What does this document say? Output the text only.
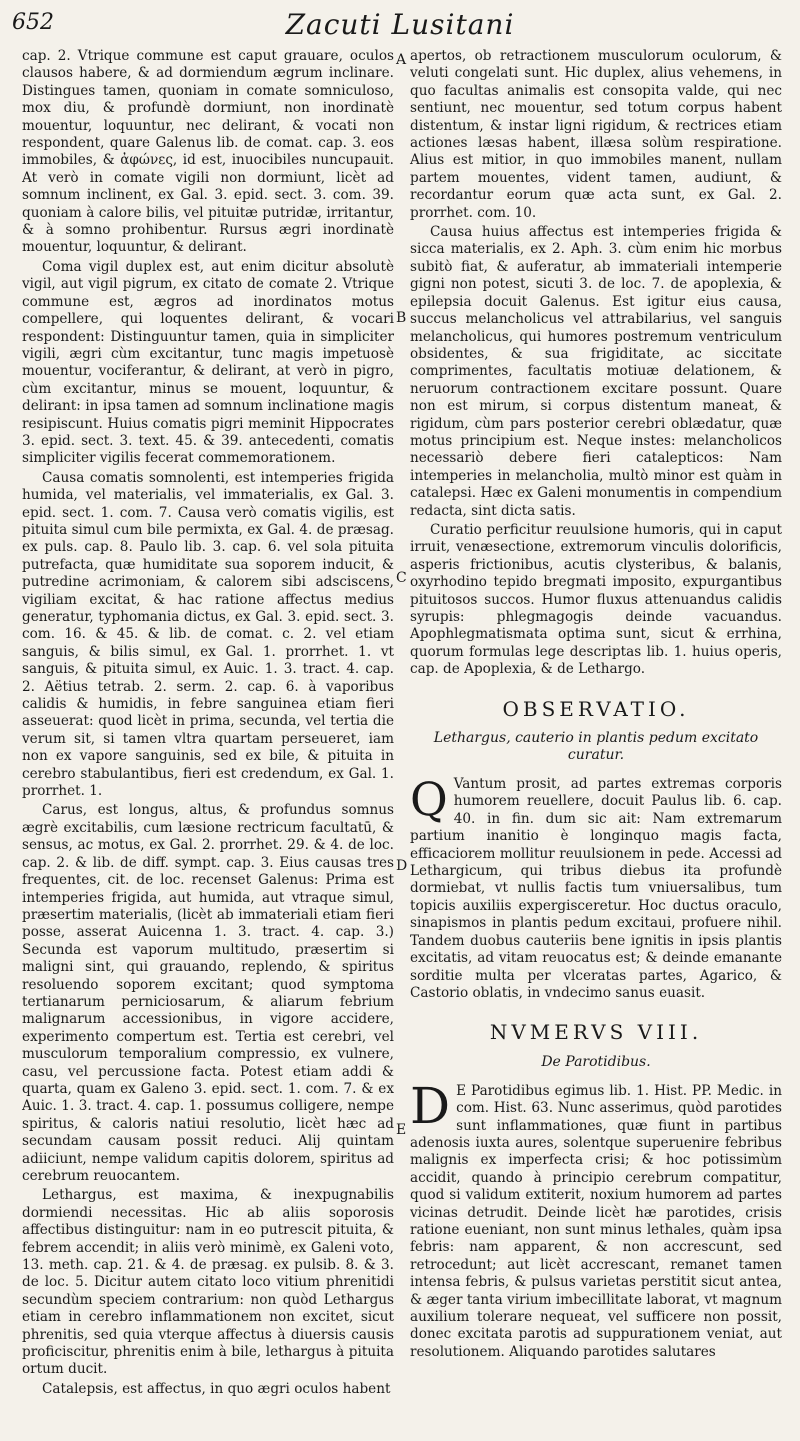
652	Zacuti Lusitani
A
B
C
D
E

cap. 2. Vtrique commune est caput grauare, oculos clausos habere, & ad dormiendum ægrum inclinare. Distingues tamen, quoniam in comate somniculoso, mox diu, & profundè dormiunt, non inordinatè mouentur, loquuntur, nec delirant, & vocati non respondent, quare Galenus lib. de comat. cap. 3. eos immobiles, & ἀφώνες, id est, inuocibiles nuncupauit. At verò in comate vigili non dormiunt, licèt ad somnum inclinent, ex Gal. 3. epid. sect. 3. com. 39. quoniam à calore bilis, vel pituitæ putridæ, irritantur, & à somno prohibentur. Rursus ægri inordinatè mouentur, loquuntur, & delirant.

Coma vigil duplex est, aut enim dicitur absolutè vigil, aut vigil pigrum, ex citato de comate 2. Vtrique commune est, ægros ad inordinatos motus compellere, qui loquentes delirant, & vocari respondent: Distinguuntur tamen, quia in simpliciter vigili, ægri cùm excitantur, tunc magis impetuosè mouentur, vociferantur, & delirant, at verò in pigro, cùm excitantur, minus se mouent, loquuntur, & delirant: in ipsa tamen ad somnum inclinatione magis resipiscunt. Huius comatis pigri meminit Hippocrates 3. epid. sect. 3. text. 45. & 39. antecedenti, comatis simpliciter vigilis fecerat commemorationem.

Causa comatis somnolenti, est intemperies frigida humida, vel materialis, vel immaterialis, ex Gal. 3. epid. sect. 1. com. 7. Causa verò comatis vigilis, est pituita simul cum bile permixta, ex Gal. 4. de præsag. ex puls. cap. 8. Paulo lib. 3. cap. 6. vel sola pituita putrefacta, quæ humiditate sua soporem inducit, & putredine acrimoniam, & calorem sibi adsciscens, vigiliam excitat, & hac ratione affectus medius generatur, typhomania dictus, ex Gal. 3. epid. sect. 3. com. 16. & 45. & lib. de comat. c. 2. vel etiam sanguis, & bilis simul, ex Gal. 1. prorrhet. 1. vt sanguis, & pituita simul, ex Auic. 1. 3. tract. 4. cap. 2. Aëtius tetrab. 2. serm. 2. cap. 6. à vaporibus calidis & humidis, in febre sanguinea etiam fieri asseuerat: quod licèt in prima, secunda, vel tertia die verum sit, si tamen vltra quartam perseueret, iam non ex vapore sanguinis, sed ex bile, & pituita in cerebro stabulantibus, fieri est credendum, ex Gal. 1. prorrhet. 1.

Carus, est longus, altus, & profundus somnus ægrè excitabilis, cum læsione rectricum facultatū, & sensus, ac motus, ex Gal. 2. prorrhet. 29. & 4. de loc. cap. 2. & lib. de diff. sympt. cap. 3. Eius causas tres frequentes, cit. de loc. recenset Galenus: Prima est intemperies frigida, aut humida, aut vtraque simul, præsertim materialis, (licèt ab immateriali etiam fieri posse, asserat Auicenna 1. 3. tract. 4. cap. 3.) Secunda est vaporum multitudo, præsertim si maligni sint, qui grauando, replendo, & spiritus resoluendo soporem excitant; quod symptoma tertianarum perniciosarum, & aliarum febrium malignarum accessionibus, in vigore accidere, experimento compertum est. Tertia est cerebri, vel musculorum temporalium compressio, ex vulnere, casu, vel percussione facta. Potest etiam addi & quarta, quam ex Galeno 3. epid. sect. 1. com. 7. & ex Auic. 1. 3. tract. 4. cap. 1. possumus colligere, nempe spiritus, & caloris natiui resolutio, licèt hæc ad secundam causam possit reduci. Alij quintam adiiciunt, nempe validum capitis dolorem, spiritus ad cerebrum reuocantem.

Lethargus, est maxima, & inexpugnabilis dormiendi necessitas. Hic ab aliis soporosis affectibus distinguitur: nam in eo putrescit pituita, & febrem accendit; in aliis verò minimè, ex Galeni voto, 13. meth. cap. 21. & 4. de præsag. ex pulsib. 8. & 3. de loc. 5. Dicitur autem citato loco vitium phrenitidi secundùm speciem contrarium: non quòd Lethargus etiam in cerebro inflammationem non excitet, sicut phrenitis, sed quia vterque affectus à diuersis causis proficiscitur, phrenitis enim à bile, lethargus à pituita ortum ducit.

Catalepsis, est affectus, in quo ægri oculos habent

apertos, ob retractionem musculorum oculorum, & veluti congelati sunt. Hic duplex, alius vehemens, in quo facultas animalis est consopita valde, qui nec sentiunt, nec mouentur, sed totum corpus habent distentum, & instar ligni rigidum, & rectrices etiam actiones læsas habent, illæsa solùm respiratione. Alius est mitior, in quo immobiles manent, nullam partem mouentes, vident tamen, audiunt, & recordantur eorum quæ acta sunt, ex Gal. 2. prorrhet. com. 10.

Causa huius affectus est intemperies frigida & sicca materialis, ex 2. Aph. 3. cùm enim hic morbus subitò fiat, & auferatur, ab immateriali intemperie gigni non potest, sicuti 3. de loc. 7. de apoplexia, & epilepsia docuit Galenus. Est igitur eius causa, succus melancholicus vel attrabilarius, vel sanguis melancholicus, qui humores postremum ventriculum obsidentes, & sua frigiditate, ac siccitate comprimentes, facultatis motiuæ delationem, & neruorum contractionem excitare possunt. Quare non est mirum, si corpus distentum maneat, & rigidum, cùm pars posterior cerebri oblædatur, quæ motus principium est. Neque instes: melancholicos necessariò debere fieri catalepticos: Nam intemperies in melancholia, multò minor est quàm in catalepsi. Hæc ex Galeni monumentis in compendium redacta, sint dicta satis.

Curatio perficitur reuulsione humoris, qui in caput irruit, venæsectione, extremorum vinculis dolorificis, asperis frictionibus, acutis clysteribus, & balanis, oxyrhodino tepido bregmati imposito, expurgantibus pituitosos succos. Humor fluxus attenuandus calidis syrupis: phlegmagogis deinde vacuandus. Apophlegmatismata optima sunt, sicut & errhina, quorum formulas lege descriptas lib. 1. huius operis, cap. de Apoplexia, & de Lethargo.

OBSERVATIO.
Lethargus, cauterio in plantis pedum excitato curatur.

Q Vantum prosit, ad partes extremas corporis humorem reuellere, docuit Paulus lib. 6. cap. 40. in fin. dum sic ait: Nam extremarum partium inanitio è longinquo magis facta, efficaciorem mollitur reuulsionem in pede. Accessi ad Lethargicum, qui tribus diebus ita profundè dormiebat, vt nullis factis tum vniuersalibus, tum topicis auxiliis expergisceretur. Hoc ductus oraculo, sinapismos in plantis pedum excitaui, profuere nihil. Tandem duobus cauteriis bene ignitis in ipsis plantis excitatis, ad vitam reuocatus est; & deinde emanante sorditie multa per vlceratas partes, Agarico, & Castorio oblatis, in vndecimo sanus euasit.

NVMERVS VIII.
De Parotidibus.

D E Parotidibus egimus lib. 1. Hist. PP. Medic. in com. Hist. 63. Nunc asserimus, quòd parotides sunt inflammationes, quæ fiunt in partibus adenosis iuxta aures, solentque superuenire febribus malignis ex imperfecta crisi; & hoc potissimùm accidit, quando à principio cerebrum compatitur, quod si validum extiterit, noxium humorem ad partes vicinas detrudit. Deinde licèt hæ parotides, crisis ratione eueniant, non sunt minus lethales, quàm ipsa febris: nam apparent, & non accrescunt, sed retrocedunt; aut licèt accrescant, remanet tamen intensa febris, & pulsus varietas perstitit sicut antea, & æger tanta virium imbecillitate laborat, vt magnum auxilium tolerare nequeat, vel sufficere non possit, donec excitata parotis ad suppurationem veniat, aut resolutionem. Aliquando parotides salutares
